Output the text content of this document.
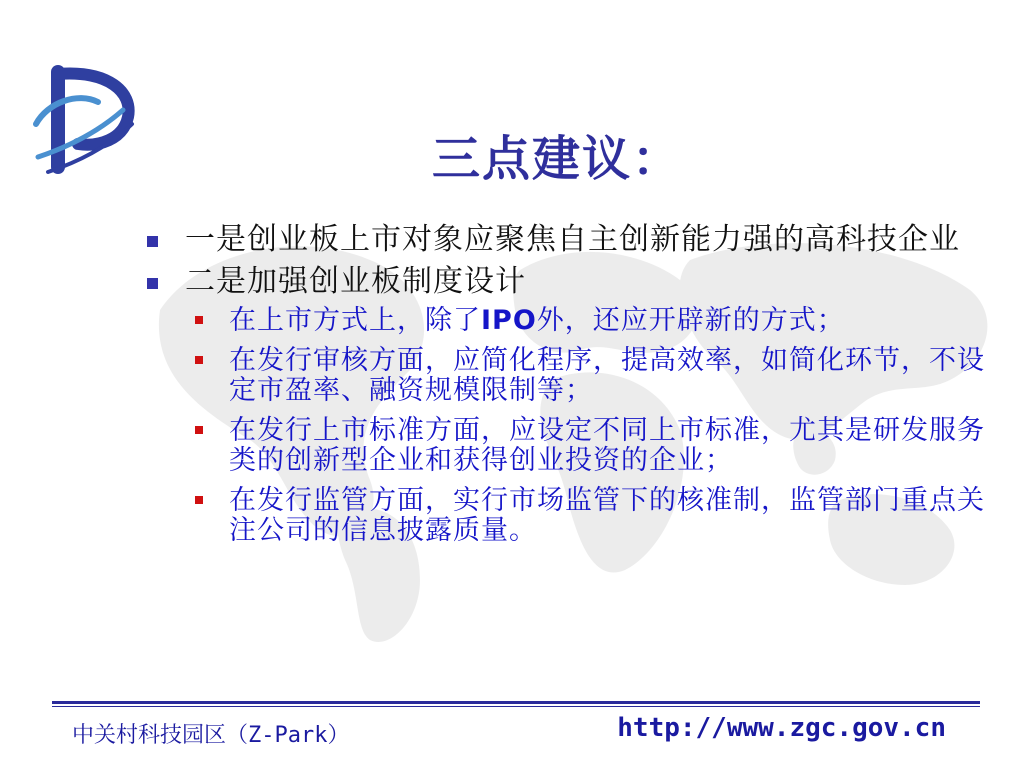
三点建议：
一是创业板上市对象应聚焦自主创新能力强的高科技企业
二是加强创业板制度设计
在上市方式上，除了IPO外，还应开辟新的方式；
在发行审核方面，应简化程序，提高效率，如简化环节，不设定市盈率、融资规模限制等；
在发行上市标准方面，应设定不同上市标准，尤其是研发服务类的创新型企业和获得创业投资的企业；
在发行监管方面，实行市场监管下的核准制，监管部门重点关注公司的信息披露质量。
中关村科技园区（Z-Park）	http://www.zgc.gov.cn
